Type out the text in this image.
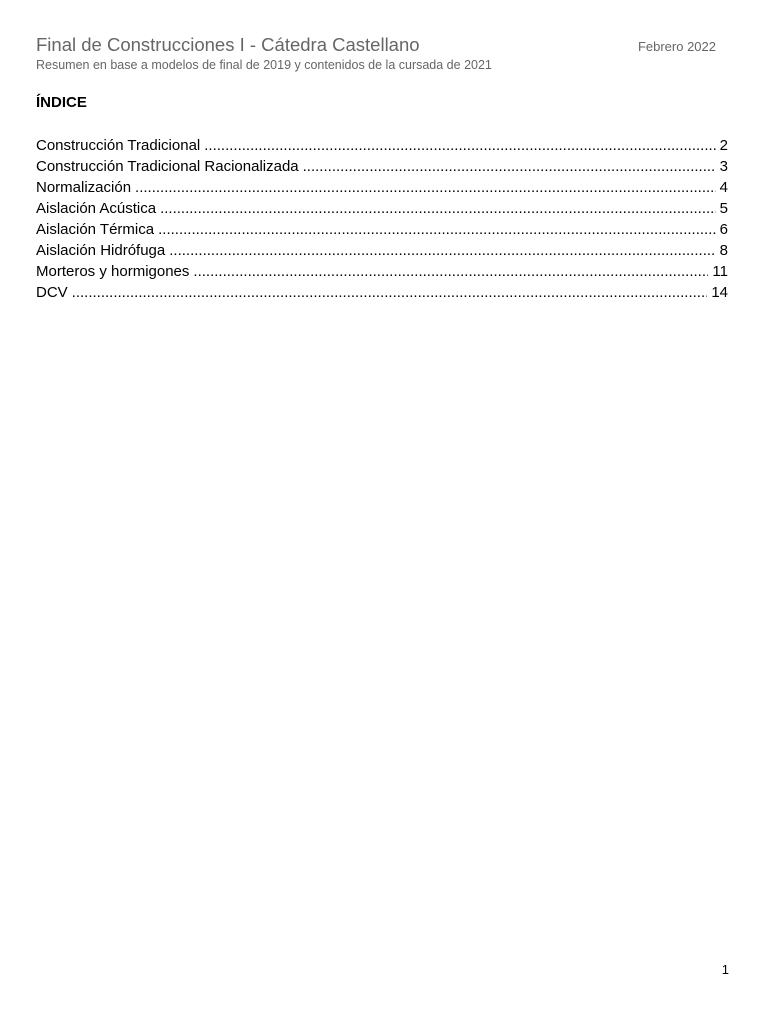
Final de Construcciones I - Cátedra Castellano	Febrero 2022
Resumen en base a modelos de final de 2019 y contenidos de la cursada de 2021
ÍNDICE
Construcción Tradicional .....	2
Construcción Tradicional Racionalizada .....	3
Normalización .....	4
Aislación Acústica .....	5
Aislación Térmica .....	6
Aislación Hidrófuga .....	8
Morteros y hormigones .....	11
DCV .....	14
1
